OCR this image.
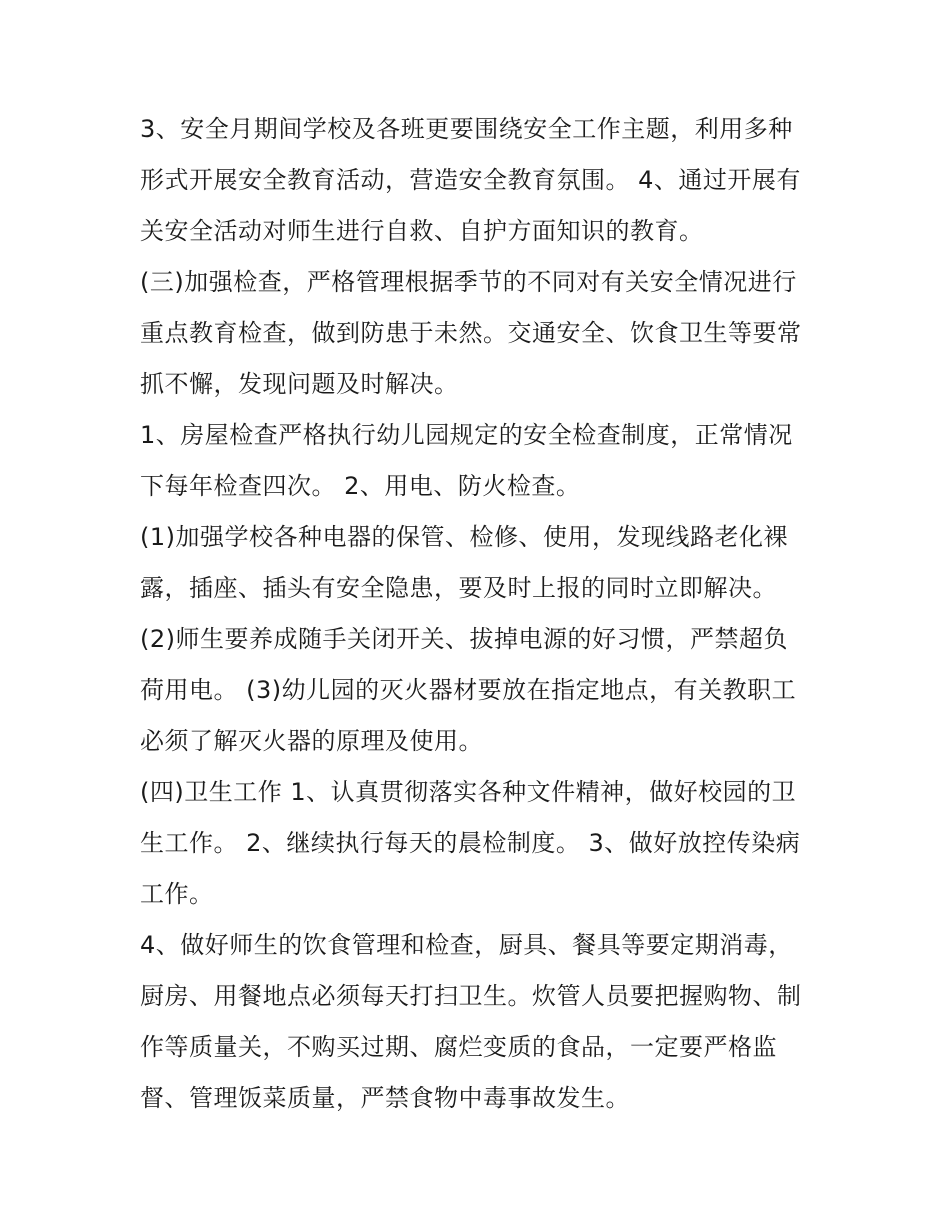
3、安全月期间学校及各班更要围绕安全工作主题，利用多种
形式开展安全教育活动，营造安全教育氛围。 4、通过开展有
关安全活动对师生进行自救、自护方面知识的教育。

(三)加强检查，严格管理根据季节的不同对有关安全情况进行
重点教育检查，做到防患于未然。交通安全、饮食卫生等要常
抓不懈，发现问题及时解决。

1、房屋检查严格执行幼儿园规定的安全检查制度，正常情况
下每年检查四次。 2、用电、防火检查。

(1)加强学校各种电器的保管、检修、使用，发现线路老化裸
露，插座、插头有安全隐患，要及时上报的同时立即解决。

(2)师生要养成随手关闭开关、拔掉电源的好习惯，严禁超负
荷用电。 (3)幼儿园的灭火器材要放在指定地点，有关教职工
必须了解灭火器的原理及使用。

(四)卫生工作 1、认真贯彻落实各种文件精神，做好校园的卫
生工作。 2、继续执行每天的晨检制度。 3、做好放控传染病
工作。

4、做好师生的饮食管理和检查，厨具、餐具等要定期消毒，
厨房、用餐地点必须每天打扫卫生。炊管人员要把握购物、制
作等质量关，不购买过期、腐烂变质的食品，一定要严格监
督、管理饭菜质量，严禁食物中毒事故发生。
